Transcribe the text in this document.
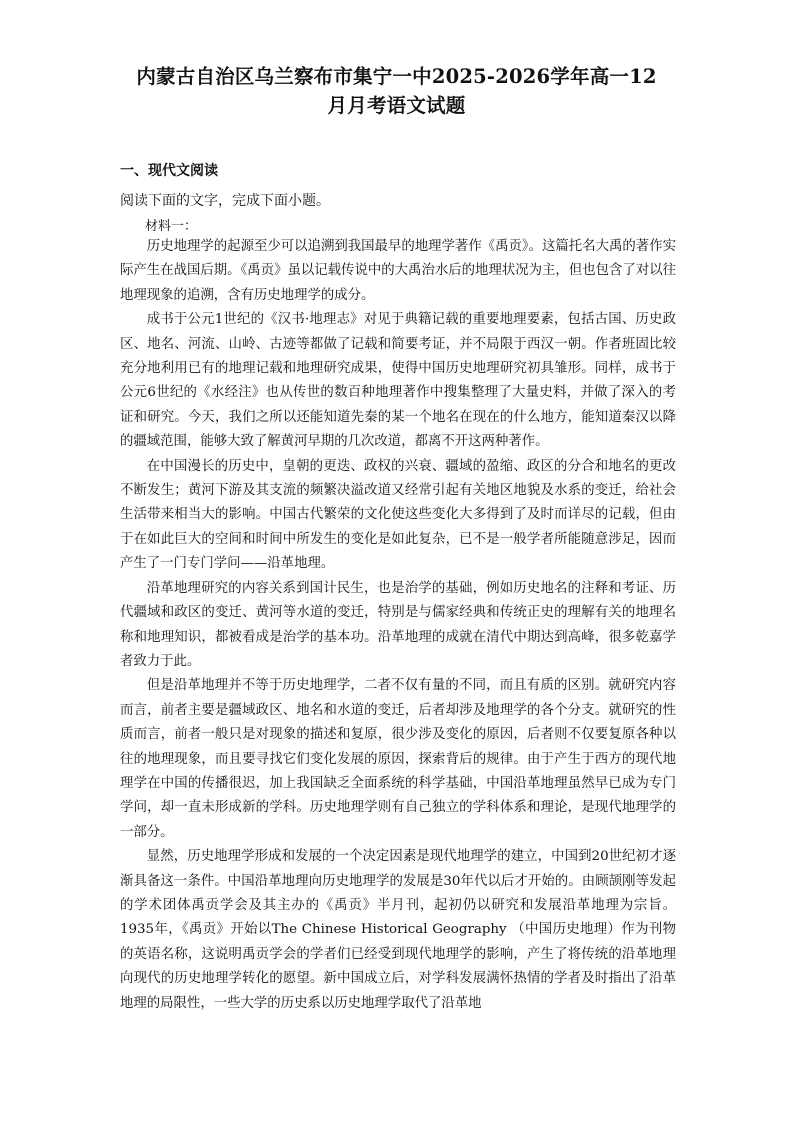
内蒙古自治区乌兰察布市集宁一中2025-2026学年高一12
月月考语文试题
一、现代文阅读
阅读下面的文字，完成下面小题。
材料一：

历史地理学的起源至少可以追溯到我国最早的地理学著作《禹贡》。这篇托名大禹的著作实际产生在战国后期。《禹贡》虽以记载传说中的大禹治水后的地理状况为主，但也包含了对以往地理现象的追溯，含有历史地理学的成分。

成书于公元1世纪的《汉书·地理志》对见于典籍记载的重要地理要素，包括古国、历史政区、地名、河流、山岭、古迹等都做了记载和简要考证，并不局限于西汉一朝。作者班固比较充分地利用已有的地理记载和地理研究成果，使得中国历史地理研究初具雏形。同样，成书于公元6世纪的《水经注》也从传世的数百种地理著作中搜集整理了大量史料，并做了深入的考证和研究。今天，我们之所以还能知道先秦的某一个地名在现在的什么地方，能知道秦汉以降的疆域范围，能够大致了解黄河早期的几次改道，都离不开这两种著作。

在中国漫长的历史中，皇朝的更迭、政权的兴衰、疆域的盈缩、政区的分合和地名的更改不断发生；黄河下游及其支流的频繁决溢改道又经常引起有关地区地貌及水系的变迁，给社会生活带来相当大的影响。中国古代繁荣的文化使这些变化大多得到了及时而详尽的记载，但由于在如此巨大的空间和时间中所发生的变化是如此复杂，已不是一般学者所能随意涉足，因而产生了一门专门学问——沿革地理。

沿革地理研究的内容关系到国计民生，也是治学的基础，例如历史地名的注释和考证、历代疆域和政区的变迁、黄河等水道的变迁，特别是与儒家经典和传统正史的理解有关的地理名称和地理知识，都被看成是治学的基本功。沿革地理的成就在清代中期达到高峰，很多乾嘉学者致力于此。

但是沿革地理并不等于历史地理学，二者不仅有量的不同，而且有质的区别。就研究内容而言，前者主要是疆域政区、地名和水道的变迁，后者却涉及地理学的各个分支。就研究的性质而言，前者一般只是对现象的描述和复原，很少涉及变化的原因，后者则不仅要复原各种以往的地理现象，而且要寻找它们变化发展的原因，探索背后的规律。由于产生于西方的现代地理学在中国的传播很迟，加上我国缺乏全面系统的科学基础，中国沿革地理虽然早已成为专门学问，却一直未形成新的学科。历史地理学则有自己独立的学科体系和理论，是现代地理学的一部分。

显然，历史地理学形成和发展的一个决定因素是现代地理学的建立，中国到20世纪初才逐渐具备这一条件。中国沿革地理向历史地理学的发展是30年代以后才开始的。由顾颉刚等发起的学术团体禹贡学会及其主办的《禹贡》半月刊，起初仍以研究和发展沿革地理为宗旨。1935年，《禹贡》开始以The Chinese Historical Geography （中国历史地理）作为刊物的英语名称，这说明禹贡学会的学者们已经受到现代地理学的影响，产生了将传统的沿革地理向现代的历史地理学转化的愿望。新中国成立后，对学科发展满怀热情的学者及时指出了沿革地理的局限性，一些大学的历史系以历史地理学取代了沿革地
